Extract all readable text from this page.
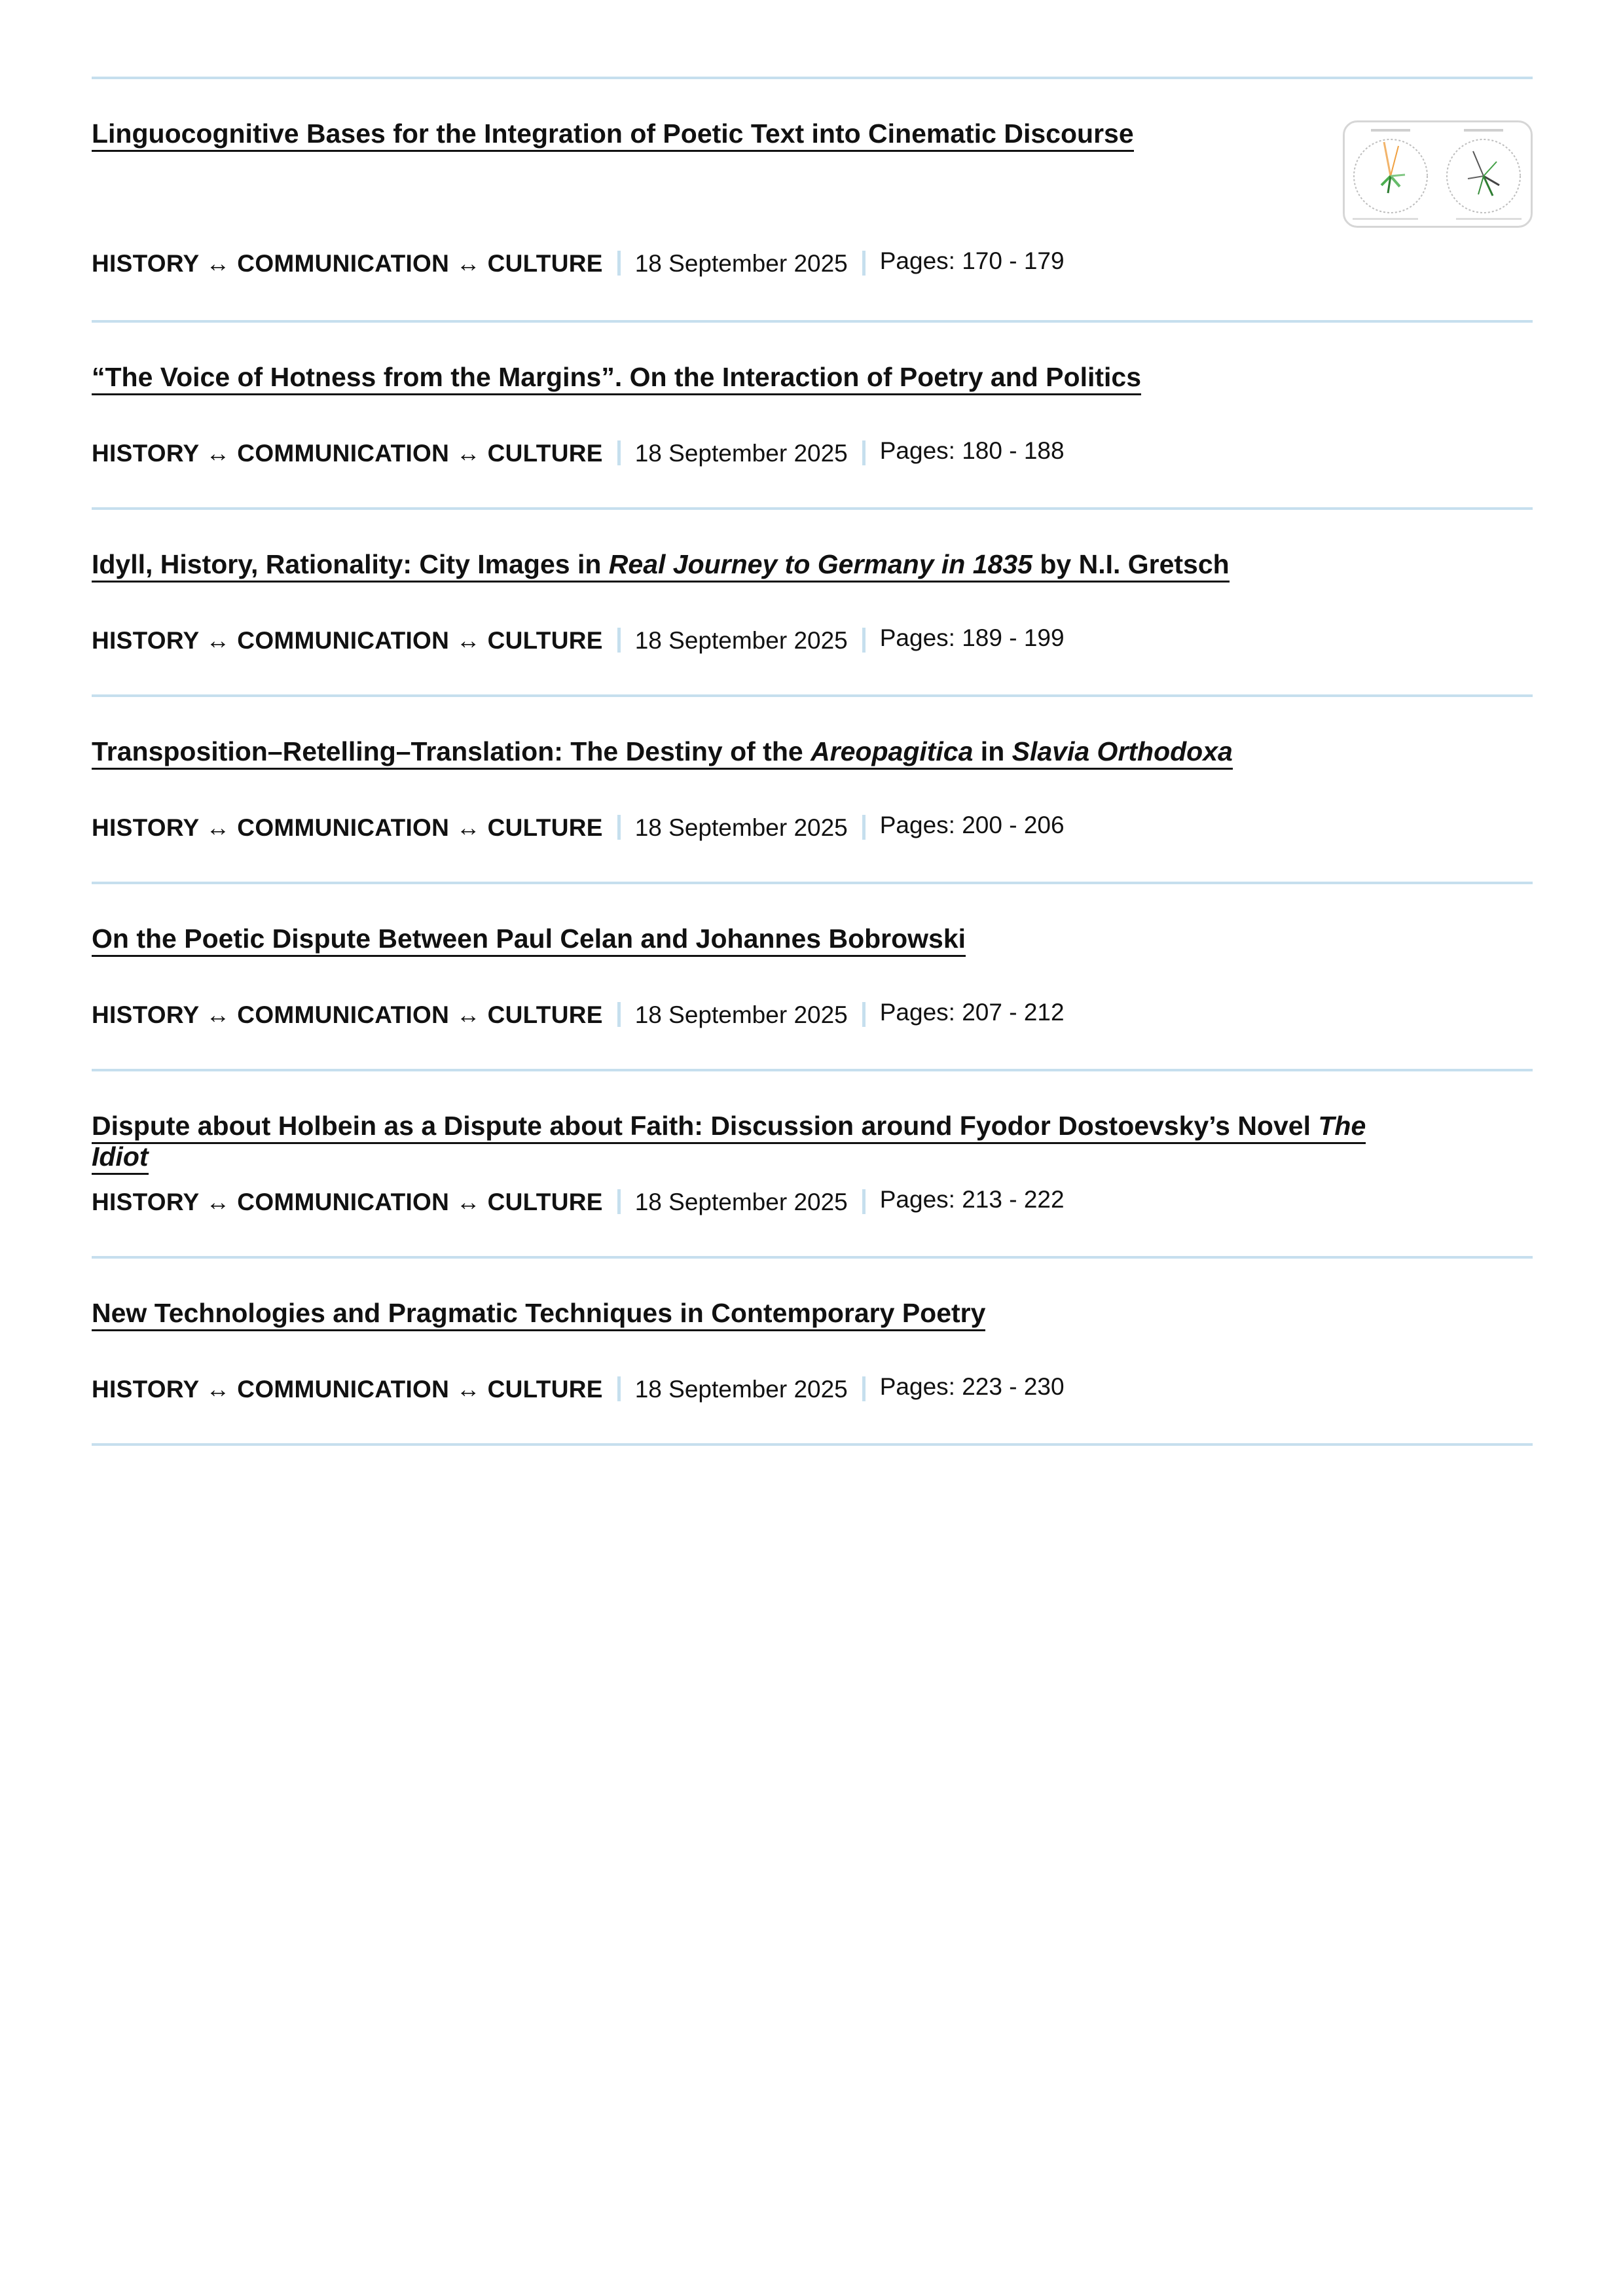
Linguocognitive Bases for the Integration of Poetic Text into Cinematic Discourse
HISTORY ↔ COMMUNICATION ↔ CULTURE 18 September 2025 Pages: 170 - 179
“The Voice of Hotness from the Margins”. On the Interaction of Poetry and Politics
HISTORY ↔ COMMUNICATION ↔ CULTURE 18 September 2025 Pages: 180 - 188
Idyll, History, Rationality: City Images in Real Journey to Germany in 1835 by N.I. Gretsch
HISTORY ↔ COMMUNICATION ↔ CULTURE 18 September 2025 Pages: 189 - 199
Transposition–Retelling–Translation: The Destiny of the Areopagitica in Slavia Orthodoxa
HISTORY ↔ COMMUNICATION ↔ CULTURE 18 September 2025 Pages: 200 - 206
On the Poetic Dispute Between Paul Celan and Johannes Bobrowski
HISTORY ↔ COMMUNICATION ↔ CULTURE 18 September 2025 Pages: 207 - 212
Dispute about Holbein as a Dispute about Faith: Discussion around Fyodor Dostoevsky’s Novel The Idiot
HISTORY ↔ COMMUNICATION ↔ CULTURE 18 September 2025 Pages: 213 - 222
New Technologies and Pragmatic Techniques in Contemporary Poetry
HISTORY ↔ COMMUNICATION ↔ CULTURE 18 September 2025 Pages: 223 - 230
